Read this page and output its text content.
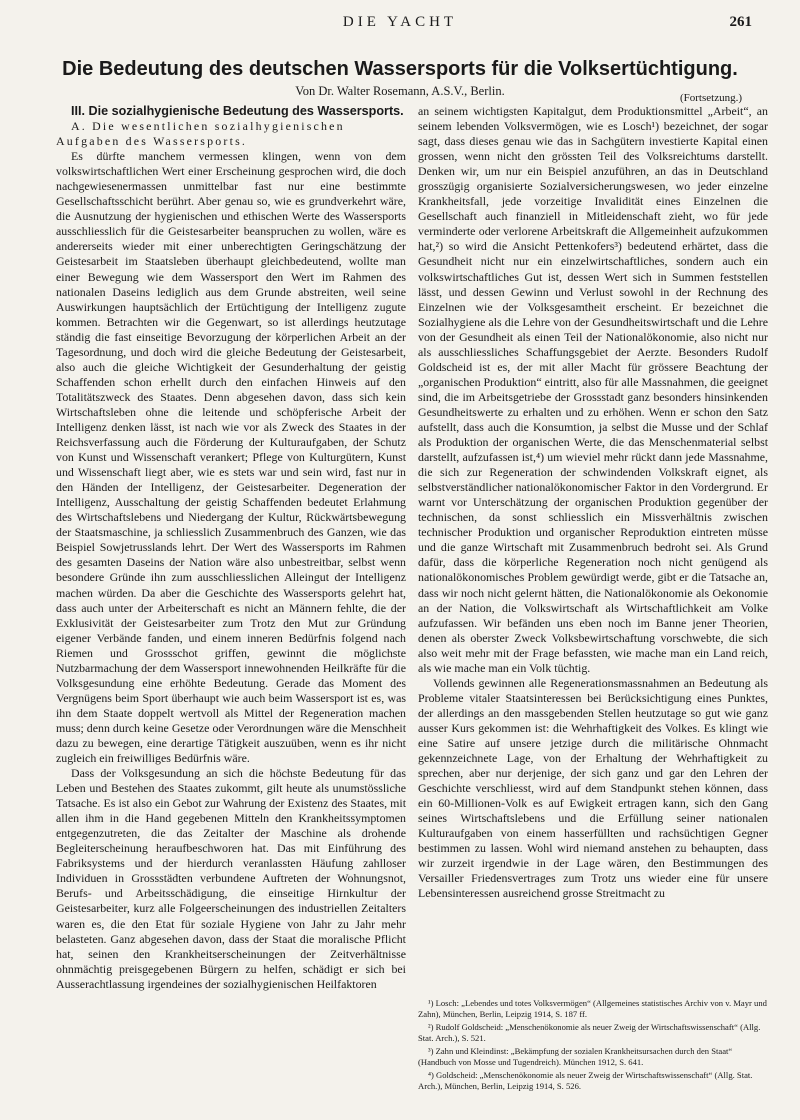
DIE YACHT	261
Die Bedeutung des deutschen Wassersports für die Volksertüchtigung.
Von Dr. Walter Rosemann, A.S.V., Berlin.	(Fortsetzung.)

III. Die sozialhygienische Bedeutung des Wassersports.

A. Die wesentlichen sozialhygienischen Aufgaben des Wassersports.

Es dürfte manchem vermessen klingen, wenn von dem volkswirtschaftlichen Wert einer Erscheinung gesprochen wird, die doch nachgewiesenermassen unmittelbar fast nur eine bestimmte Gesellschaftsschicht berührt. Aber genau so, wie es grundverkehrt wäre, die Ausnutzung der hygienischen und ethischen Werte des Wassersports ausschliesslich für die Geistesarbeiter beanspruchen zu wollen, wäre es andererseits wieder mit einer unberechtigten Geringschätzung der Geistesarbeit im Staatsleben überhaupt gleichbedeutend, wollte man einer Bewegung wie dem Wassersport den Wert im Rahmen des nationalen Daseins lediglich aus dem Grunde abstreiten, weil seine Auswirkungen hauptsächlich der Ertüchtigung der Intelligenz zugute kommen. Betrachten wir die Gegenwart, so ist allerdings heutzutage ständig die fast einseitige Bevorzugung der körperlichen Arbeit an der Tagesordnung, und doch wird die gleiche Bedeutung der Geistesarbeit, also auch die gleiche Wichtigkeit der Gesunderhaltung der geistig Schaffenden schon erhellt durch den einfachen Hinweis auf den Totalitätszweck des Staates. Denn abgesehen davon, dass sich kein Wirtschaftsleben ohne die leitende und schöpferische Arbeit der Intelligenz denken lässt, ist nach wie vor als Zweck des Staates in der Reichsverfassung auch die Förderung der Kulturaufgaben, der Schutz von Kunst und Wissenschaft verankert; Pflege von Kulturgütern, Kunst und Wissenschaft liegt aber, wie es stets war und sein wird, fast nur in den Händen der Intelligenz, der Geistesarbeiter. Degeneration der Intelligenz, Ausschaltung der geistig Schaffenden bedeutet Erlahmung des Wirtschaftslebens und Niedergang der Kultur, Rückwärtsbewegung der Staatsmaschine, ja schliesslich Zusammenbruch des Ganzen, wie das Beispiel Sowjetrusslands lehrt. Der Wert des Wassersports im Rahmen des gesamten Daseins der Nation wäre also unbestreitbar, selbst wenn besondere Gründe ihn zum ausschliesslichen Alleingut der Intelligenz machen würden. Da aber die Geschichte des Wassersports gelehrt hat, dass auch unter der Arbeiterschaft es nicht an Männern fehlte, die der Exklusivität der Geistesarbeiter zum Trotz den Mut zur Gründung eigener Verbände fanden, und einem inneren Bedürfnis folgend nach Riemen und Grossschot griffen, gewinnt die möglichste Nutzbarmachung der dem Wassersport innewohnenden Heilkräfte für die Volksgesundung eine erhöhte Bedeutung. Gerade das Moment des Vergnügens beim Sport überhaupt wie auch beim Wassersport ist es, was ihn dem Staate doppelt wertvoll als Mittel der Regeneration machen muss; denn durch keine Gesetze oder Verordnungen wäre die Menschheit dazu zu bewegen, eine derartige Tätigkeit auszuüben, wenn es ihr nicht zugleich ein freiwilliges Bedürfnis wäre.

Dass der Volksgesundung an sich die höchste Bedeutung für das Leben und Bestehen des Staates zukommt, gilt heute als unumstössliche Tatsache. Es ist also ein Gebot zur Wahrung der Existenz des Staates, mit allen ihm in die Hand gegebenen Mitteln den Krankheitssymptomen entgegenzutreten, die das Zeitalter der Maschine als drohende Begleiterscheinung heraufbeschworen hat. Das mit Einführung des Fabriksystems und der hierdurch veranlassten Häufung zahlloser Individuen in Grossstädten verbundene Auftreten der Wohnungsnot, Berufs- und Arbeitsschädigung, die einseitige Hirnkultur der Geistesarbeiter, kurz alle Folgeerscheinungen des industriellen Zeitalters waren es, die den Etat für soziale Hygiene von Jahr zu Jahr mehr belasteten. Ganz abgesehen davon, dass der Staat die moralische Pflicht hat, seinen den Krankheitserscheinungen der Zeitverhältnisse ohnmächtig preisgegebenen Bürgern zu helfen, schädigt er sich bei Ausserachtlassung irgendeines der sozialhygienischen Heilfaktoren

an seinem wichtigsten Kapitalgut, dem Produktionsmittel „Arbeit“, an seinem lebenden Volksvermögen, wie es Losch¹) bezeichnet, der sogar sagt, dass dieses genau wie das in Sachgütern investierte Kapital einen grossen, wenn nicht den grössten Teil des Volksreichtums darstellt. Denken wir, um nur ein Beispiel anzuführen, an das in Deutschland grosszügig organisierte Sozialversicherungswesen, wo jeder einzelne Krankheitsfall, jede vorzeitige Invalidität eines Einzelnen die Gesellschaft auch finanziell in Mitleidenschaft zieht, wo für jede verminderte oder verlorene Arbeitskraft die Allgemeinheit aufzukommen hat,²) so wird die Ansicht Pettenkofers³) bedeutend erhärtet, dass die Gesundheit nicht nur ein einzelwirtschaftliches, sondern auch ein volkswirtschaftliches Gut ist, dessen Wert sich in Summen feststellen lässt, und dessen Gewinn und Verlust sowohl in der Rechnung des Einzelnen wie der Volksgesamtheit erscheint. Er bezeichnet die Sozialhygiene als die Lehre von der Gesundheitswirtschaft und die Lehre von der Gesundheit als einen Teil der Nationalökonomie, also nicht nur als ausschliessliches Schaffungsgebiet der Aerzte. Besonders Rudolf Goldscheid ist es, der mit aller Macht für grössere Beachtung der „organischen Produktion“ eintritt, also für alle Massnahmen, die geeignet sind, die im Arbeitsgetriebe der Grossstadt ganz besonders hinsinkenden Gesundheitswerte zu erhalten und zu erhöhen. Wenn er schon den Satz aufstellt, dass auch die Konsumtion, ja selbst die Musse und der Schlaf als Produktion der organischen Werte, die das Menschenmaterial selbst darstellt, aufzufassen ist,⁴) um wieviel mehr rückt dann jede Massnahme, die sich zur Regeneration der schwindenden Volkskraft eignet, als selbstverständlicher nationalökonomischer Faktor in den Vordergrund. Er warnt vor Unterschätzung der organischen Produktion gegenüber der technischen, da sonst schliesslich ein Missverhältnis zwischen technischer Produktion und organischer Reproduktion eintreten müsse und die ganze Wirtschaft mit Zusammenbruch bedroht sei. Als Grund dafür, dass die körperliche Regeneration noch nicht genügend als nationalökonomisches Problem gewürdigt werde, gibt er die Tatsache an, dass wir noch nicht gelernt hätten, die Nationalökonomie als Oekonomie an der Nation, die Volkswirtschaft als Wirtschaftlichkeit am Volke aufzufassen. Wir befänden uns eben noch im Banne jener Theorien, denen als oberster Zweck Volksbewirtschaftung vorschwebte, die sich also weit mehr mit der Frage befassten, wie mache man ein Land reich, als wie mache man ein Volk tüchtig.

Vollends gewinnen alle Regenerationsmassnahmen an Bedeutung als Probleme vitaler Staatsinteressen bei Berücksichtigung eines Punktes, der allerdings an den massgebenden Stellen heutzutage so gut wie ganz ausser Kurs gekommen ist: die Wehrhaftigkeit des Volkes. Es klingt wie eine Satire auf unsere jetzige durch die militärische Ohnmacht gekennzeichnete Lage, von der Erhaltung der Wehrhaftigkeit zu sprechen, aber nur derjenige, der sich ganz und gar den Lehren der Geschichte verschliesst, wird auf dem Standpunkt stehen können, dass ein 60-Millionen-Volk es auf Ewigkeit ertragen kann, sich den Gang seines Wirtschaftslebens und die Erfüllung seiner nationalen Kulturaufgaben von einem hasserfüllten und rachsüchtigen Gegner bestimmen zu lassen. Wohl wird niemand anstehen zu behaupten, dass wir zurzeit irgendwie in der Lage wären, den Bestimmungen des Versailler Friedensvertrages zum Trotz uns wieder eine für unsere Lebensinteressen ausreichend grosse Streitmacht zu

¹) Losch: „Lebendes und totes Volksvermögen“ (Allgemeines statistisches Archiv von v. Mayr und Zahn), München, Berlin, Leipzig 1914, S. 187 ff.

²) Rudolf Goldscheid: „Menschenökonomie als neuer Zweig der Wirtschaftswissenschaft“ (Allg. Stat. Arch.), S. 521.

³) Zahn und Kleindinst: „Bekämpfung der sozialen Krankheitsursachen durch den Staat“ (Handbuch von Mosse und Tugendreich). München 1912, S. 641.

⁴) Goldscheid: „Menschenökonomie als neuer Zweig der Wirtschaftswissenschaft“ (Allg. Stat. Arch.), München, Berlin, Leipzig 1914, S. 526.
